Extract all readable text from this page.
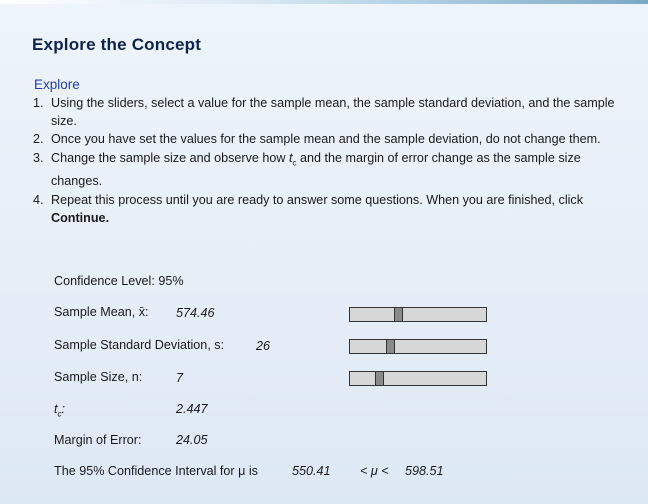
Explore the Concept
Explore
1. Using the sliders, select a value for the sample mean, the sample standard deviation, and the sample size.
2. Once you have set the values for the sample mean and the sample deviation, do not change them.
3. Change the sample size and observe how $t_c$ and the margin of error change as the sample size changes.
4. Repeat this process until you are ready to answer some questions. When you are finished, click Continue.
Confidence Level: 95%
Sample Mean, x̄: 574.46
Sample Standard Deviation, s:	26
Sample Size, n:	7
$t_c$:	2.447
Margin of Error:	24.05
The 95% Confidence Interval for μ is	550.41 < μ < 598.51
